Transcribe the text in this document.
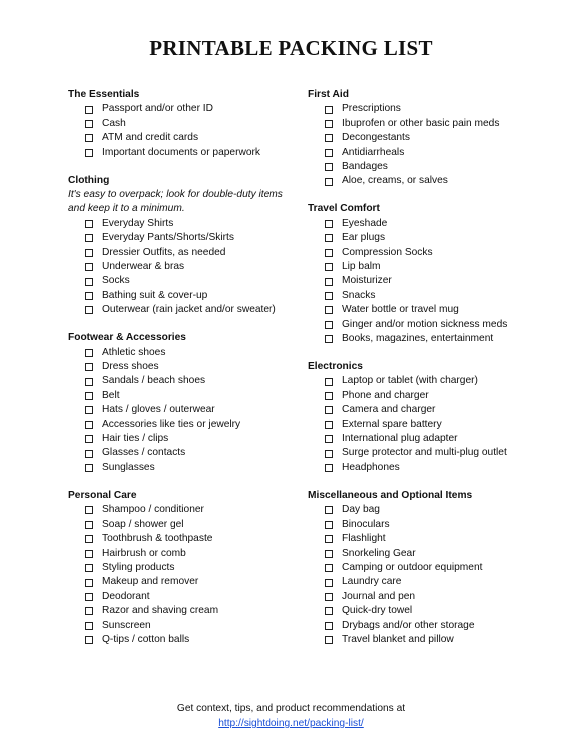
PRINTABLE PACKING LIST
The Essentials
Passport and/or other ID
Cash
ATM and credit cards
Important documents or paperwork
Clothing
It's easy to overpack; look for double-duty items and keep it to a minimum.
Everyday Shirts
Everyday Pants/Shorts/Skirts
Dressier Outfits, as needed
Underwear & bras
Socks
Bathing suit & cover-up
Outerwear (rain jacket and/or sweater)
Footwear & Accessories
Athletic shoes
Dress shoes
Sandals / beach shoes
Belt
Hats / gloves / outerwear
Accessories like ties or jewelry
Hair ties / clips
Glasses / contacts
Sunglasses
Personal Care
Shampoo / conditioner
Soap / shower gel
Toothbrush & toothpaste
Hairbrush or comb
Styling products
Makeup and remover
Deodorant
Razor and shaving cream
Sunscreen
Q-tips / cotton balls
First Aid
Prescriptions
Ibuprofen or other basic pain meds
Decongestants
Antidiarrheals
Bandages
Aloe, creams, or salves
Travel Comfort
Eyeshade
Ear plugs
Compression Socks
Lip balm
Moisturizer
Snacks
Water bottle or travel mug
Ginger and/or motion sickness meds
Books, magazines, entertainment
Electronics
Laptop or tablet (with charger)
Phone and charger
Camera and charger
External spare battery
International plug adapter
Surge protector and multi-plug outlet
Headphones
Miscellaneous and Optional Items
Day bag
Binoculars
Flashlight
Snorkeling Gear
Camping or outdoor equipment
Laundry care
Journal and pen
Quick-dry towel
Drybags and/or other storage
Travel blanket and pillow
Get context, tips, and product recommendations at
http://sightdoing.net/packing-list/
